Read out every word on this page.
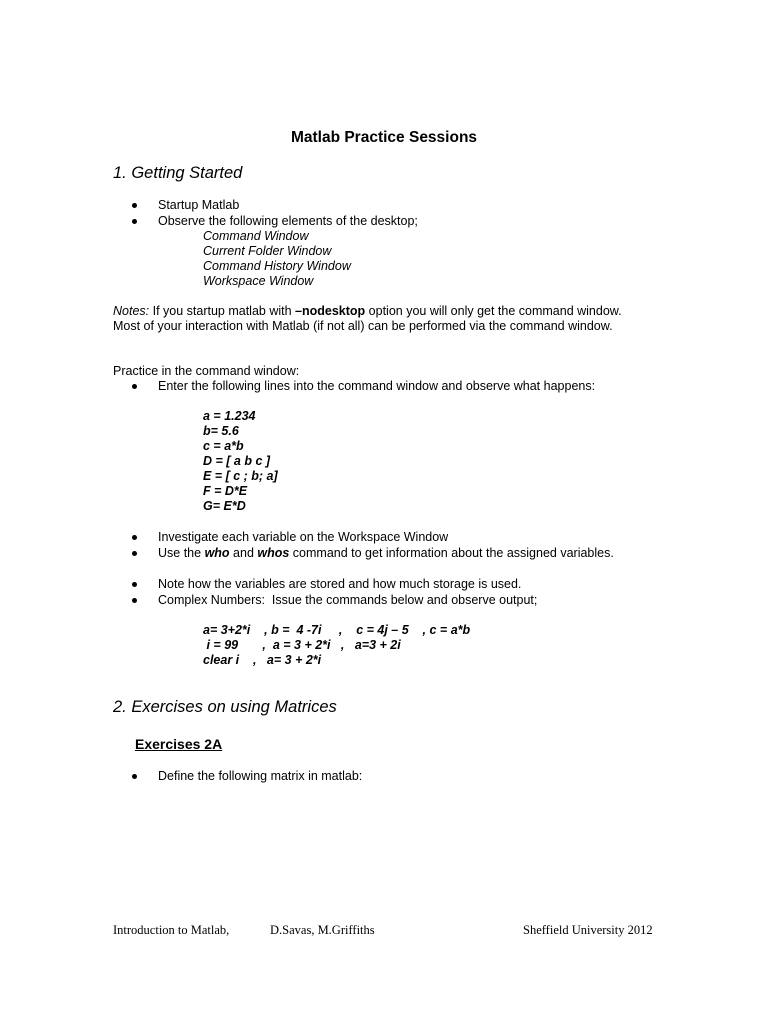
Matlab Practice Sessions
1. Getting Started
Startup Matlab
Observe the following elements of the desktop;
Command Window
Current Folder Window
Command History Window
Workspace Window
Notes: If you startup matlab with –nodesktop option you will only get the command window. Most of your interaction with Matlab (if not all) can be performed via the command window.
Practice in the command window:
Enter the following lines into the command window and observe what happens:
a = 1.234
b= 5.6
c = a*b
D = [ a b c ]
E = [ c ; b; a]
F = D*E
G= E*D
Investigate each variable on the Workspace Window
Use the who and whos command to get information about the assigned variables.
Note how the variables are stored and how much storage is used.
Complex Numbers:  Issue the commands below and observe output;
a= 3+2*i    , b =  4 -7i     ,    c = 4j – 5    , c = a*b
i = 99       ,  a = 3 + 2*i   ,   a=3 + 2i
clear i    ,   a= 3 + 2*i
2. Exercises on using Matrices
Exercises 2A
Define the following matrix in matlab:
Introduction to Matlab,	D.Savas, M.Griffiths	Sheffield University 2012
